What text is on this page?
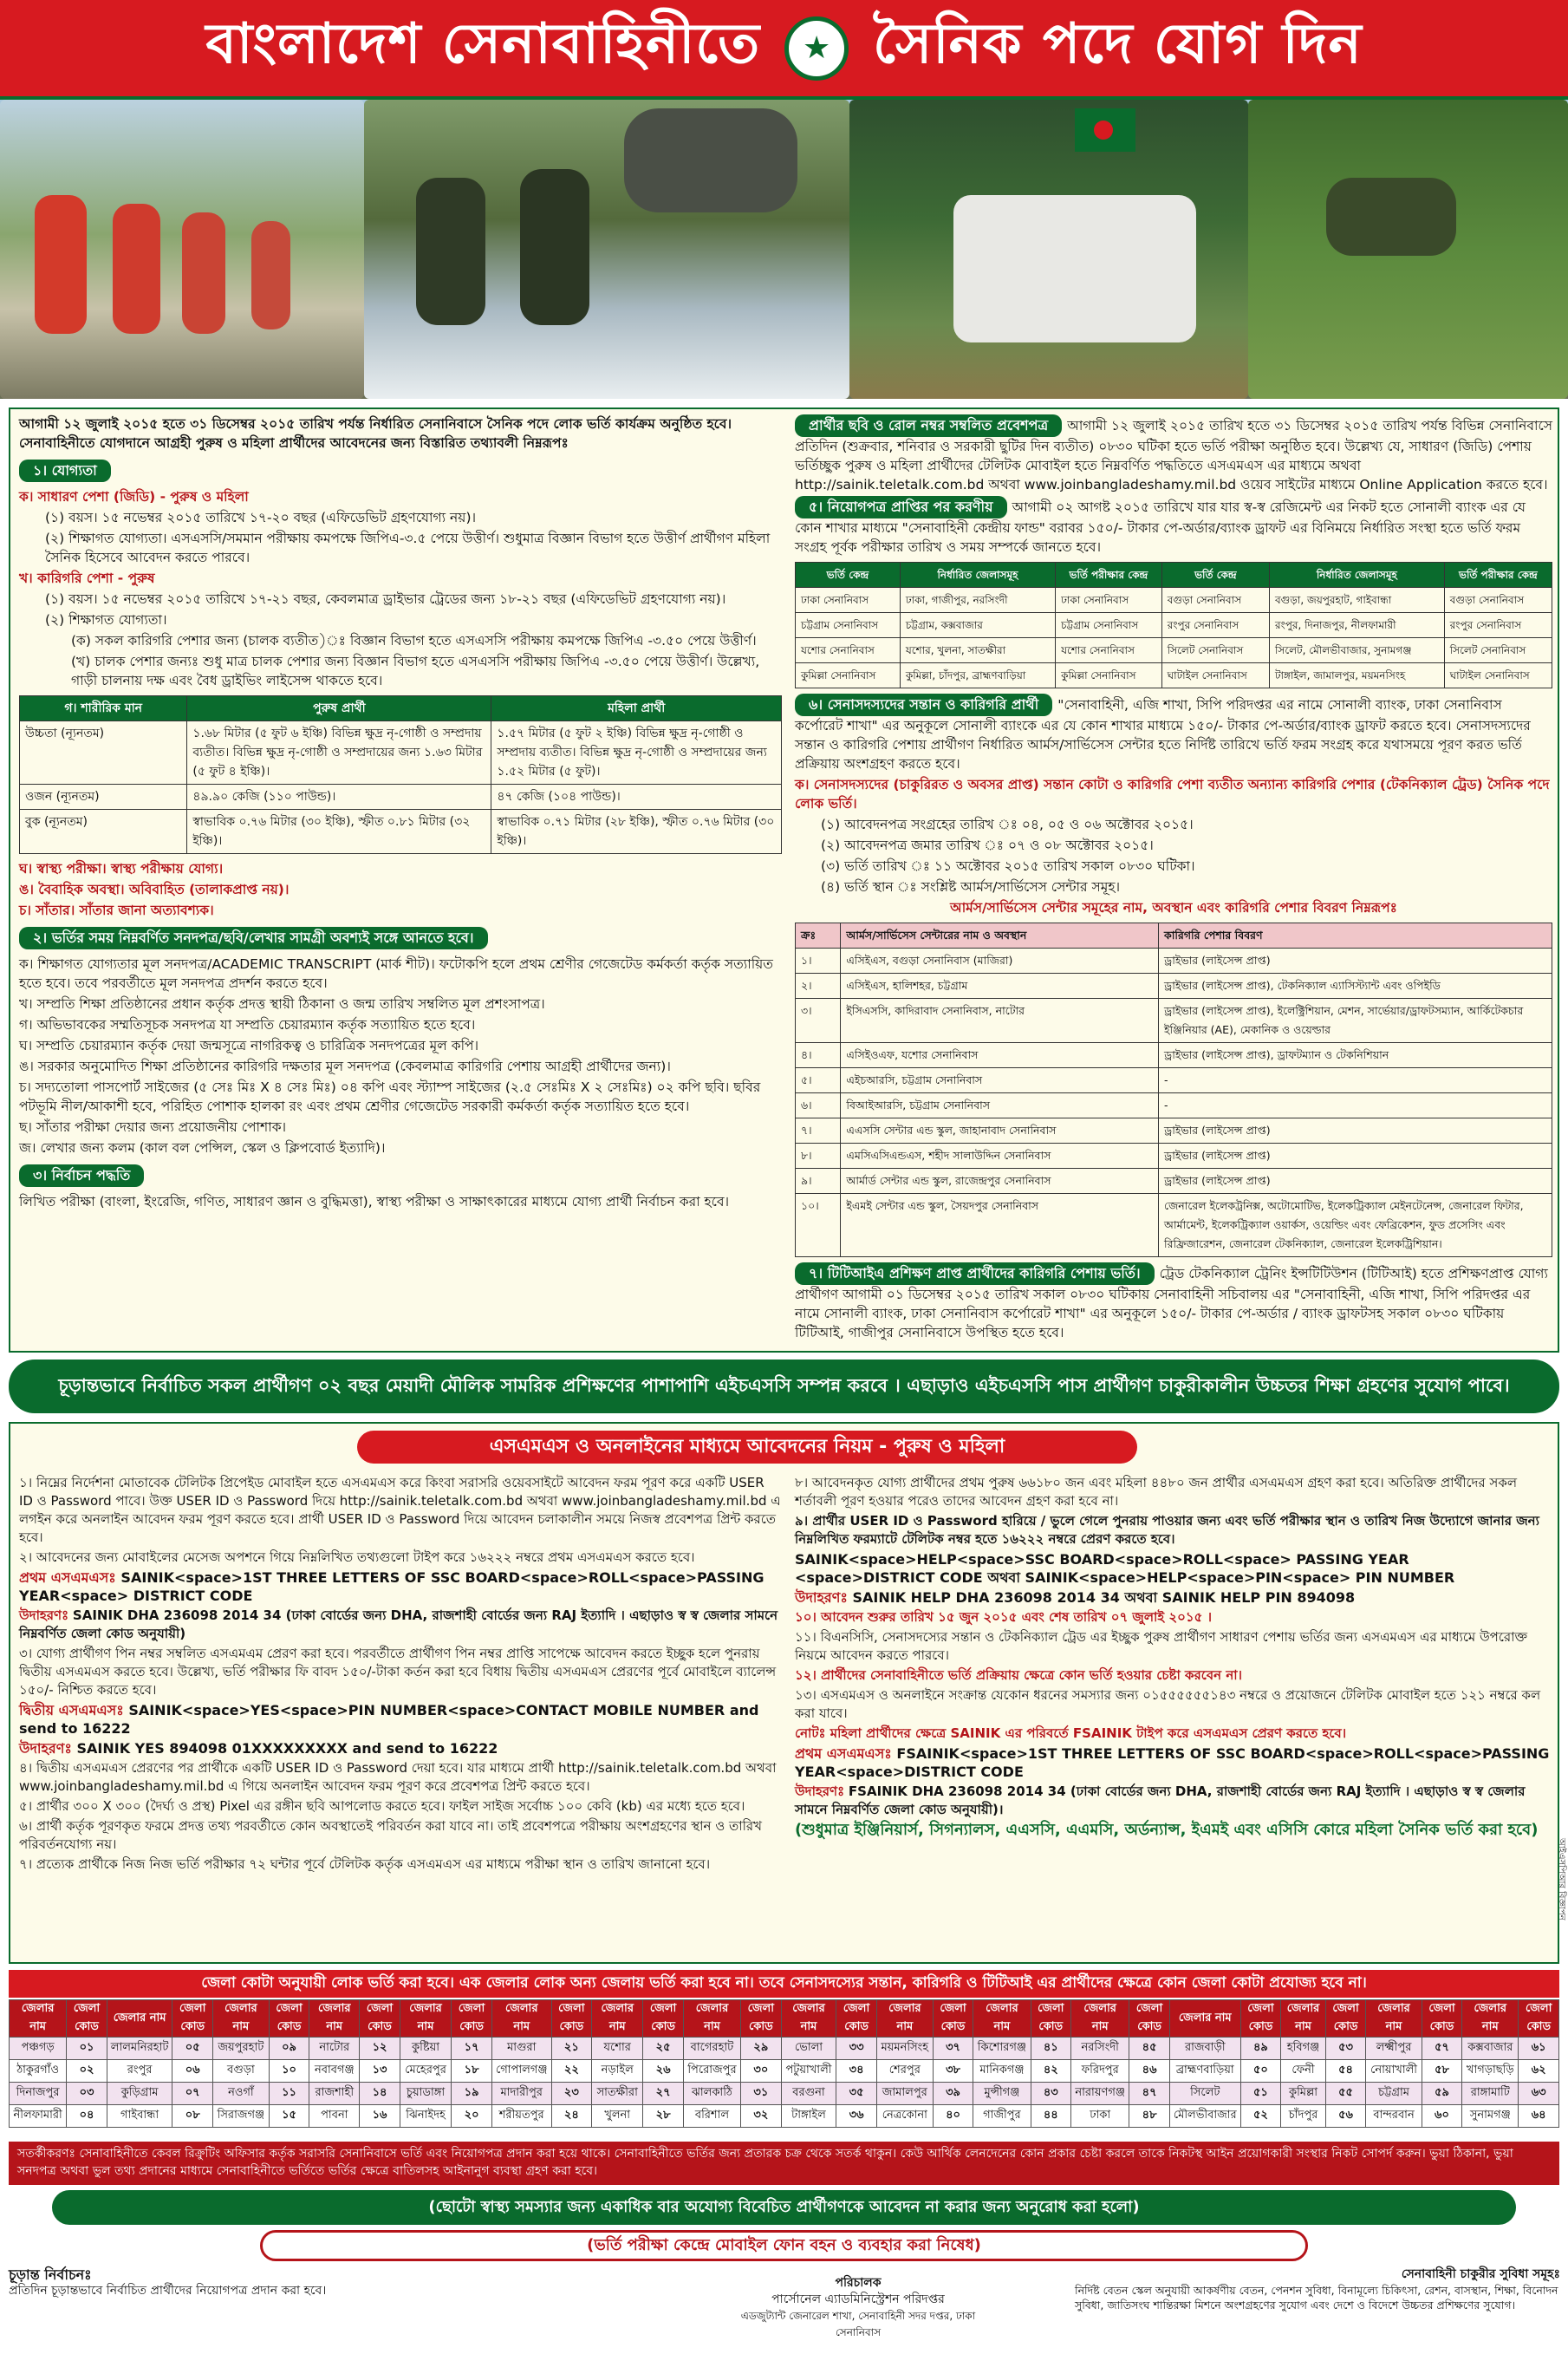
বাংলাদেশ সেনাবাহিনীতে	★ সৈনিক পদে যোগ দিন

আগামী ১২ জুলাই ২০১৫ হতে ৩১ ডিসেম্বর ২০১৫ তারিখ পর্যন্ত নির্ধারিত সেনানিবাসে সৈনিক পদে লোক ভর্তি কার্যক্রম অনুষ্ঠিত হবে। সেনাবাহিনীতে যোগদানে আগ্রহী পুরুষ ও মহিলা প্রার্থীদের আবেদনের জন্য বিস্তারিত তথ্যাবলী নিম্নরূপঃ

১। যোগ্যতা

ক। সাধারণ পেশা (জিডি) - পুরুষ ও মহিলা

(১) বয়স। ১৫ নভেম্বর ২০১৫ তারিখে ১৭-২০ বছর (এফিডেভিট গ্রহণযোগ্য নয়)।

(২) শিক্ষাগত যোগ্যতা। এসএসসি/সমমান পরীক্ষায় কমপক্ষে জিপিএ-৩.৫ পেয়ে উত্তীর্ণ। শুধুমাত্র বিজ্ঞান বিভাগ হতে উত্তীর্ণ প্রার্থীগণ মহিলা সৈনিক হিসেবে আবেদন করতে পারবে।

খ। কারিগরি পেশা - পুরুষ

(১) বয়স। ১৫ নভেম্বর ২০১৫ তারিখে ১৭-২১ বছর, কেবলমাত্র ড্রাইভার ট্রেডের জন্য ১৮-২১ বছর (এফিডেভিট গ্রহণযোগ্য নয়)।

(২) শিক্ষাগত যোগ্যতা।

(ক) সকল কারিগরি পেশার জন্য (চালক ব্যতীত)ঃ বিজ্ঞান বিভাগ হতে এসএসসি পরীক্ষায় কমপক্ষে জিপিএ -৩.৫০ পেয়ে উত্তীর্ণ।

(খ) চালক পেশার জন্যঃ শুধু মাত্র চালক পেশার জন্য বিজ্ঞান বিভাগ হতে এসএসসি পরীক্ষায় জিপিএ -৩.৫০ পেয়ে উত্তীর্ণ। উল্লেখ্য, গাড়ী চালনায় দক্ষ এবং বৈধ ড্রাইভিং লাইসেন্স থাকতে হবে।

গ। শারীরিক মান	পুরুষ প্রার্থী	মহিলা প্রার্থী
উচ্চতা (ন্যূনতম)	১.৬৮ মিটার (৫ ফুট ৬ ইঞ্চি) বিভিন্ন ক্ষুদ্র নৃ-গোষ্ঠী ও সম্প্রদায় ব্যতীত। বিভিন্ন ক্ষুদ্র নৃ-গোষ্ঠী ও সম্প্রদায়ের জন্য ১.৬৩ মিটার (৫ ফুট ৪ ইঞ্চি)।	১.৫৭ মিটার (৫ ফুট ২ ইঞ্চি) বিভিন্ন ক্ষুদ্র নৃ-গোষ্ঠী ও সম্প্রদায় ব্যতীত। বিভিন্ন ক্ষুদ্র নৃ-গোষ্ঠী ও সম্প্রদায়ের জন্য ১.৫২ মিটার (৫ ফুট)।
ওজন (ন্যূনতম)	৪৯.৯০ কেজি (১১০ পাউন্ড)।	৪৭ কেজি (১০৪ পাউন্ড)।
বুক (ন্যূনতম)	স্বাভাবিক ০.৭৬ মিটার (৩০ ইঞ্চি), স্ফীত ০.৮১ মিটার (৩২ ইঞ্চি)।	স্বাভাবিক ০.৭১ মিটার (২৮ ইঞ্চি), স্ফীত ০.৭৬ মিটার (৩০ ইঞ্চি)।

ঘ। স্বাস্থ্য পরীক্ষা। স্বাস্থ্য পরীক্ষায় যোগ্য।

ঙ। বৈবাহিক অবস্থা। অবিবাহিত (তালাকপ্রাপ্ত নয়)।

চ। সাঁতার। সাঁতার জানা অত্যাবশ্যক।

২। ভর্তির সময় নিম্নবর্ণিত সনদপত্র/ছবি/লেখার সামগ্রী অবশ্যই সঙ্গে আনতে হবে।

ক। শিক্ষাগত যোগ্যতার মূল সনদপত্র/ACADEMIC TRANSCRIPT (মার্ক শীট)। ফটোকপি হলে প্রথম শ্রেণীর গেজেটেড কর্মকর্তা কর্তৃক সত্যায়িত হতে হবে। তবে পরবর্তীতে মূল সনদপত্র প্রদর্শন করতে হবে।

খ। সম্প্রতি শিক্ষা প্রতিষ্ঠানের প্রধান কর্তৃক প্রদত্ত স্থায়ী ঠিকানা ও জন্ম তারিখ সম্বলিত মূল প্রশংসাপত্র।

গ। অভিভাবকের সম্মতিসূচক সনদপত্র যা সম্প্রতি চেয়ারম্যান কর্তৃক সত্যায়িত হতে হবে।

ঘ। সম্প্রতি চেয়ারম্যান কর্তৃক দেয়া জন্মসূত্রে নাগরিকত্ব ও চারিত্রিক সনদপত্রের মূল কপি।

ঙ। সরকার অনুমোদিত শিক্ষা প্রতিষ্ঠানের কারিগরি দক্ষতার মূল সনদপত্র (কেবলমাত্র কারিগরি পেশায় আগ্রহী প্রার্থীদের জন্য)।

চ। সদ্যতোলা পাসপোর্ট সাইজের (৫ সেঃ মিঃ X ৪ সেঃ মিঃ) ০৪ কপি এবং স্ট্যাম্প সাইজের (২.৫ সেঃমিঃ X ২ সেঃমিঃ) ০২ কপি ছবি। ছবির পটভূমি নীল/আকাশী হবে, পরিহিত পোশাক হালকা রং এবং প্রথম শ্রেণীর গেজেটেড সরকারী কর্মকর্তা কর্তৃক সত্যায়িত হতে হবে।

ছ। সাঁতার পরীক্ষা দেয়ার জন্য প্রয়োজনীয় পোশাক।

জ। লেখার জন্য কলম (কাল বল পেন্সিল, স্কেল ও ক্লিপবোর্ড ইত্যাদি)।

৩। নির্বাচন পদ্ধতি

লিখিত পরীক্ষা (বাংলা, ইংরেজি, গণিত, সাধারণ জ্ঞান ও বুদ্ধিমত্তা), স্বাস্থ্য পরীক্ষা ও সাক্ষাৎকারের মাধ্যমে যোগ্য প্রার্থী নির্বাচন করা হবে।

প্রার্থীর ছবি ও রোল নম্বর সম্বলিত প্রবেশপত্র আগামী ১২ জুলাই ২০১৫ তারিখ হতে ৩১ ডিসেম্বর ২০১৫ তারিখ পর্যন্ত বিভিন্ন সেনানিবাসে প্রতিদিন (শুক্রবার, শনিবার ও সরকারী ছুটির দিন ব্যতীত) ০৮৩০ ঘটিকা হতে ভর্তি পরীক্ষা অনুষ্ঠিত হবে। উল্লেখ্য যে, সাধারণ (জিডি) পেশায় ভর্তিচ্ছুক পুরুষ ও মহিলা প্রার্থীদের টেলিটক মোবাইল হতে নিম্নবর্ণিত পদ্ধতিতে এসএমএস এর মাধ্যমে অথবা http://sainik.teletalk.com.bd অথবা www.joinbangladeshamy.mil.bd ওয়েব সাইটের মাধ্যমে Online Application করতে হবে।

৫। নিয়োগপত্র প্রাপ্তির পর করণীয় আগামী ০২ আগষ্ট ২০১৫ তারিখে যার যার স্ব-স্ব রেজিমেন্ট এর নিকট হতে সোনালী ব্যাংক এর যে কোন শাখার মাধ্যমে "সেনাবাহিনী কেন্দ্রীয় ফান্ড" বরাবর ১৫০/- টাকার পে-অর্ডার/ব্যাংক ড্রাফট এর বিনিময়ে নির্ধারিত সংস্থা হতে ভর্তি ফরম সংগ্রহ পূর্বক পরীক্ষার তারিখ ও সময় সম্পর্কে জানতে হবে।

ভর্তি কেন্দ্র	নির্ধারিত জেলাসমূহ	ভর্তি পরীক্ষার কেন্দ্র	ভর্তি কেন্দ্র	নির্ধারিত জেলাসমূহ	ভর্তি পরীক্ষার কেন্দ্র
ঢাকা সেনানিবাস	ঢাকা, গাজীপুর, নরসিংদী	ঢাকা সেনানিবাস	বগুড়া সেনানিবাস	বগুড়া, জয়পুরহাট, গাইবান্ধা	বগুড়া সেনানিবাস
চট্টগ্রাম সেনানিবাস	চট্টগ্রাম, কক্সবাজার	চট্টগ্রাম সেনানিবাস	রংপুর সেনানিবাস	রংপুর, দিনাজপুর, নীলফামারী	রংপুর সেনানিবাস
যশোর সেনানিবাস	যশোর, খুলনা, সাতক্ষীরা	যশোর সেনানিবাস	সিলেট সেনানিবাস	সিলেট, মৌলভীবাজার, সুনামগঞ্জ	সিলেট সেনানিবাস
কুমিল্লা সেনানিবাস	কুমিল্লা, চাঁদপুর, ব্রাহ্মণবাড়িয়া	কুমিল্লা সেনানিবাস	ঘাটাইল সেনানিবাস	টাঙ্গাইল, জামালপুর, ময়মনসিংহ	ঘাটাইল সেনানিবাস

৬। সেনাসদস্যদের সন্তান ও কারিগরি প্রার্থী "সেনাবাহিনী, এজি শাখা, সিপি পরিদপ্তর এর নামে সোনালী ব্যাংক, ঢাকা সেনানিবাস কর্পোরেট শাখা" এর অনুকূলে সোনালী ব্যাংকে এর যে কোন শাখার মাধ্যমে ১৫০/- টাকার পে-অর্ডার/ব্যাংক ড্রাফট করতে হবে। সেনাসদস্যদের সন্তান ও কারিগরি পেশায় প্রার্থীগণ নির্ধারিত আর্মস/সার্ভিসেস সেন্টার হতে নির্দিষ্ট তারিখে ভর্তি ফরম সংগ্রহ করে যথাসময়ে পূরণ করত ভর্তি প্রক্রিয়ায় অংশগ্রহণ করতে হবে।

ক। সেনাসদস্যদের (চাকুরিরত ও অবসর প্রাপ্ত) সন্তান কোটা ও কারিগরি পেশা ব্যতীত অন্যান্য কারিগরি পেশার (টেকনিক্যাল ট্রেড) সৈনিক পদে লোক ভর্তি।

(১) আবেদনপত্র সংগ্রহের তারিখ ঃ ০৪, ০৫ ও ০৬ অক্টোবর ২০১৫।

(২) আবেদনপত্র জমার তারিখ ঃ ০৭ ও ০৮ অক্টোবর ২০১৫।

(৩) ভর্তি তারিখ ঃ ১১ অক্টোবর ২০১৫ তারিখ সকাল ০৮৩০ ঘটিকা।

(৪) ভর্তি স্থান ঃ সংশ্লিষ্ট আর্মস/সার্ভিসেস সেন্টার সমূহ।

আর্মস/সার্ভিসেস সেন্টার সমূহের নাম, অবস্থান এবং কারিগরি পেশার বিবরণ নিম্নরূপঃ

ক্রঃ	আর্মস/সার্ভিসেস সেন্টারের নাম ও অবস্থান	কারিগরি পেশার বিবরণ
১।	এসিইএস, বগুড়া সেনানিবাস (মাজিরা)	ড্রাইভার (লাইসেন্স প্রাপ্ত)
২।	এসিইএস, হালিশহর, চট্টগ্রাম	ড্রাইভার (লাইসেন্স প্রাপ্ত), টেকনিক্যাল এ্যাসিস্ট্যান্ট এবং ওপিইডি
৩।	ইসিএসসি, কাদিরাবাদ সেনানিবাস, নাটোর	ড্রাইভার (লাইসেন্স প্রাপ্ত), ইলেক্ট্রিশিয়ান, মেশন, সার্ভেয়ার/ড্রাফটসম্যান, আর্কিটেকচার ইঞ্জিনিয়ার (AE), মেকানিক ও ওয়েল্ডার
৪।	এসিইওএফ, যশোর সেনানিবাস	ড্রাইভার (লাইসেন্স প্রাপ্ত), ড্রাফটম্যান ও টেকনিশিয়ান
৫।	এইচআরসি, চট্টগ্রাম সেনানিবাস	-
৬।	বিআইআরসি, চট্টগ্রাম সেনানিবাস	-
৭।	এএসসি সেন্টার এন্ড স্কুল, জাহানাবাদ সেনানিবাস	ড্রাইভার (লাইসেন্স প্রাপ্ত)
৮।	এমসিএসিএন্ডএস, শহীদ সালাউদ্দিন সেনানিবাস	ড্রাইভার (লাইসেন্স প্রাপ্ত)
৯।	আর্মার্ড সেন্টার এন্ড স্কুল, রাজেন্দ্রপুর সেনানিবাস	ড্রাইভার (লাইসেন্স প্রাপ্ত)
১০।	ইএমই সেন্টার এন্ড স্কুল, সৈয়দপুর সেনানিবাস	জেনারেল ইলেকট্রনিক্স, অটোমোটিভ, ইলেকট্রিক্যাল মেইনটেনেন্স, জেনারেল ফিটার, আর্মামেন্ট, ইলেকট্রিক্যাল ওয়ার্কস, ওয়েল্ডিং এবং ফেব্রিকেশন, ফুড প্রসেসিং এবং রিফ্রিজারেশন, জেনারেল টেকনিক্যাল, জেনারেল ইলেকট্রিশিয়ান।

৭। টিটিআইএ প্রশিক্ষণ প্রাপ্ত প্রার্থীদের কারিগরি পেশায় ভর্তি। ট্রেড টেকনিক্যাল ট্রেনিং ইন্সটিটিউশন (টিটিআই) হতে প্রশিক্ষণপ্রাপ্ত যোগ্য প্রার্থীগণ আগামী ০১ ডিসেম্বর ২০১৫ তারিখ সকাল ০৮৩০ ঘটিকায় সেনাবাহিনী সচিবালয় এর "সেনাবাহিনী, এজি শাখা, সিপি পরিদপ্তর এর নামে সোনালী ব্যাংক, ঢাকা সেনানিবাস কর্পোরেট শাখা" এর অনুকূলে ১৫০/- টাকার পে-অর্ডার / ব্যাংক ড্রাফটসহ সকাল ০৮৩০ ঘটিকায় টিটিআই, গাজীপুর সেনানিবাসে উপস্থিত হতে হবে।

চূড়ান্তভাবে নির্বাচিত সকল প্রার্থীগণ ০২ বছর মেয়াদী মৌলিক সামরিক প্রশিক্ষণের পাশাপাশি এইচএসসি সম্পন্ন করবে । এছাড়াও এইচএসসি পাস প্রার্থীগণ চাকুরীকালীন উচ্চতর শিক্ষা গ্রহণের সুযোগ পাবে।
এসএমএস ও অনলাইনের মাধ্যমে আবেদনের নিয়ম - পুরুষ ও মহিলা

১। নিম্নের নির্দেশনা মোতাবেক টেলিটক প্রিপেইড মোবাইল হতে এসএমএস করে কিংবা সরাসরি ওয়েবসাইটে আবেদন ফরম পূরণ করে একটি USER ID ও Password পাবে। উক্ত USER ID ও Password দিয়ে http://sainik.teletalk.com.bd অথবা www.joinbangladeshamy.mil.bd এ লগইন করে অনলাইন আবেদন ফরম পূরণ করতে হবে। প্রার্থী USER ID ও Password দিয়ে আবেদন চলাকালীন সময়ে নিজস্ব প্রবেশপত্র প্রিন্ট করতে হবে।

২। আবেদনের জন্য মোবাইলের মেসেজ অপশনে গিয়ে নিম্নলিখিত তথ্যগুলো টাইপ করে ১৬২২২ নম্বরে প্রথম এসএমএস করতে হবে।

প্রথম এসএমএসঃ SAINIK<space>1ST THREE LETTERS OF SSC BOARD<space>ROLL<space>PASSING YEAR<space> DISTRICT CODE

উদাহরণঃ SAINIK DHA 236098 2014 34 (ঢাকা বোর্ডের জন্য DHA, রাজশাহী বোর্ডের জন্য RAJ ইত্যাদি । এছাড়াও স্ব স্ব জেলার সামনে নিম্নবর্ণিত জেলা কোড অনুযায়ী)

৩। যোগ্য প্রার্থীগণ পিন নম্বর সম্বলিত এসএমএম প্রেরণ করা হবে। পরবর্তীতে প্রার্থীগণ পিন নম্বর প্রাপ্তি সাপেক্ষে আবেদন করতে ইচ্ছুক হলে পুনরায় দ্বিতীয় এসএমএস করতে হবে। উল্লেখ্য, ভর্তি পরীক্ষার ফি বাবদ ১৫০/-টাকা কর্তন করা হবে বিধায় দ্বিতীয় এসএমএস প্রেরণের পূর্বে মোবাইলে ব্যালেন্স ১৫০/- নিশ্চিত করতে হবে।

দ্বিতীয় এসএমএসঃ SAINIK<space>YES<space>PIN NUMBER<space>CONTACT MOBILE NUMBER and send to 16222

উদাহরণঃ SAINIK YES 894098 01XXXXXXXXX and send to 16222

৪। দ্বিতীয় এসএমএস প্রেরণের পর প্রার্থীকে একটি USER ID ও Password দেয়া হবে। যার মাধ্যমে প্রার্থী http://sainik.teletalk.com.bd অথবা www.joinbangladeshamy.mil.bd এ গিয়ে অনলাইন আবেদন ফরম পূরণ করে প্রবেশপত্র প্রিন্ট করতে হবে।

৫। প্রার্থীর ৩০০ X ৩০০ (দৈর্ঘ্য ও প্রস্থ) Pixel এর রঙ্গীন ছবি আপলোড করতে হবে। ফাইল সাইজ সর্বোচ্চ ১০০ কেবি (kb) এর মধ্যে হতে হবে।

৬। প্রার্থী কর্তৃক পূরণকৃত ফরমে প্রদত্ত তথ্য পরবর্তীতে কোন অবস্থাতেই পরিবর্তন করা যাবে না। তাই প্রবেশপত্রে পরীক্ষায় অংশগ্রহণের স্থান ও তারিখ পরিবর্তনযোগ্য নয়।

৭। প্রত্যেক প্রার্থীকে নিজ নিজ ভর্তি পরীক্ষার ৭২ ঘন্টার পূর্বে টেলিটক কর্তৃক এসএমএস এর মাধ্যমে পরীক্ষা স্থান ও তারিখ জানানো হবে।

৮। আবেদনকৃত যোগ্য প্রার্থীদের প্রথম পুরুষ ৬৬১৮০ জন এবং মহিলা ৪৪৮০ জন প্রার্থীর এসএমএস গ্রহণ করা হবে। অতিরিক্ত প্রার্থীদের সকল শর্তাবলী পূরণ হওয়ার পরেও তাদের আবেদন গ্রহণ করা হবে না।

৯। প্রার্থীর USER ID ও Password হারিয়ে / ভুলে গেলে পুনরায় পাওয়ার জন্য এবং ভর্তি পরীক্ষার স্থান ও তারিখ নিজ উদ্যোগে জানার জন্য নিম্নলিখিত ফরম্যাটে টেলিটক নম্বর হতে ১৬২২২ নম্বরে প্রেরণ করতে হবে।

SAINIK<space>HELP<space>SSC BOARD<space>ROLL<space> PASSING YEAR <space>DISTRICT CODE অথবা SAINIK<space>HELP<space>PIN<space> PIN NUMBER

উদাহরণঃ SAINIK HELP DHA 236098 2014 34 অথবা SAINIK HELP PIN 894098

১০। আবেদন শুরুর তারিখ ১৫ জুন ২০১৫ এবং শেষ তারিখ ০৭ জুলাই ২০১৫ ।

১১। বিএনসিসি, সেনাসদস্যের সন্তান ও টেকনিক্যাল ট্রেড এর ইচ্ছুক পুরুষ প্রার্থীগণ সাধারণ পেশায় ভর্তির জন্য এসএমএস এর মাধ্যমে উপরোক্ত নিয়মে আবেদন করতে পারবে।

১২। প্রার্থীদের সেনাবাহিনীতে ভর্তি প্রক্রিয়ায় ক্ষেত্রে কোন ভর্তি হওয়ার চেষ্টা করবেন না।

১৩। এসএমএস ও অনলাইনে সংক্রান্ত যেকোন ধরনের সমস্যার জন্য ০১৫৫৫৫৫৫১৪৩ নম্বরে ও প্রয়োজনে টেলিটক মোবাইল হতে ১২১ নম্বরে কল করা যাবে।

নোটঃ মহিলা প্রার্থীদের ক্ষেত্রে SAINIK এর পরিবর্তে FSAINIK টাইপ করে এসএমএস প্রেরণ করতে হবে।

প্রথম এসএমএসঃ FSAINIK<space>1ST THREE LETTERS OF SSC BOARD<space>ROLL<space>PASSING YEAR<space>DISTRICT CODE

উদাহরণঃ FSAINIK DHA 236098 2014 34 (ঢাকা বোর্ডের জন্য DHA, রাজশাহী বোর্ডের জন্য RAJ ইত্যাদি । এছাড়াও স্ব স্ব জেলার সামনে নিম্নবর্ণিত জেলা কোড অনুযায়ী)।

(শুধুমাত্র ইঞ্জিনিয়ার্স, সিগন্যালস, এএসসি, এএমসি, অর্ডন্যান্স, ইএমই এবং এসিসি কোরে মহিলা সৈনিক ভর্তি করা হবে)

জেলা কোটা অনুযায়ী লোক ভর্তি করা হবে। এক জেলার লোক অন্য জেলায় ভর্তি করা হবে না। তবে সেনাসদস্যের সন্তান, কারিগরি ও টিটিআই এর প্রার্থীদের ক্ষেত্রে কোন জেলা কোটা প্রযোজ্য হবে না।
জেলার নাম	জেলা কোড	জেলার নাম	জেলা কোড	জেলার নাম	জেলা কোড	জেলার নাম	জেলা কোড	জেলার নাম	জেলা কোড	জেলার নাম	জেলা কোড	জেলার নাম	জেলা কোড	জেলার নাম	জেলা কোড	জেলার নাম	জেলা কোড	জেলার নাম	জেলা কোড	জেলার নাম	জেলা কোড	জেলার নাম	জেলা কোড	জেলার নাম	জেলা কোড	জেলার নাম	জেলা কোড	জেলার নাম	জেলা কোড	জেলার নাম	জেলা কোড
পঞ্চগড়	০১	লালমনিরহাট	০৫	জয়পুরহাট	০৯	নাটোর	১২	কুষ্টিয়া	১৭	মাগুরা	২১	যশোর	২৫	বাগেরহাট	২৯	ভোলা	৩৩	ময়মনসিংহ	৩৭	কিশোরগঞ্জ	৪১	নরসিংদী	৪৫	রাজবাড়ী	৪৯	হবিগঞ্জ	৫৩	লক্ষ্মীপুর	৫৭	কক্সবাজার	৬১
ঠাকুরগাঁও	০২	রংপুর	০৬	বগুড়া	১০	নবাবগঞ্জ	১৩	মেহেরপুর	১৮	গোপালগঞ্জ	২২	নড়াইল	২৬	পিরোজপুর	৩০	পটুয়াখালী	৩৪	শেরপুর	৩৮	মানিকগঞ্জ	৪২	ফরিদপুর	৪৬	ব্রাহ্মণবাড়িয়া	৫০	ফেনী	৫৪	নোয়াখালী	৫৮	খাগড়াছড়ি	৬২
দিনাজপুর	০৩	কুড়িগ্রাম	০৭	নওগাঁ	১১	রাজশাহী	১৪	চুয়াডাঙ্গা	১৯	মাদারীপুর	২৩	সাতক্ষীরা	২৭	ঝালকাঠি	৩১	বরগুনা	৩৫	জামালপুর	৩৯	মুন্সীগঞ্জ	৪৩	নারায়ণগঞ্জ	৪৭	সিলেট	৫১	কুমিল্লা	৫৫	চট্টগ্রাম	৫৯	রাঙ্গামাটি	৬৩
নীলফামারী	০৪	গাইবান্ধা	০৮	সিরাজগঞ্জ	১৫	পাবনা	১৬	ঝিনাইদহ	২০	শরীয়তপুর	২৪	খুলনা	২৮	বরিশাল	৩২	টাঙ্গাইল	৩৬	নেত্রকোনা	৪০	গাজীপুর	৪৪	ঢাকা	৪৮	মৌলভীবাজার	৫২	চাঁদপুর	৫৬	বান্দরবান	৬০	সুনামগঞ্জ	৬৪
সতর্কীকরণঃ সেনাবাহিনীতে কেবল রিক্রুটিং অফিসার কর্তৃক সরাসরি সেনানিবাসে ভর্তি এবং নিয়োগপত্র প্রদান করা হয়ে থাকে। সেনাবাহিনীতে ভর্তির জন্য প্রতারক চক্র থেকে সতর্ক থাকুন। কেউ আর্থিক লেনদেনের কোন প্রকার চেষ্টা করলে তাকে নিকটস্থ আইন প্রয়োগকারী সংস্থার নিকট সোপর্দ করুন। ভুয়া ঠিকানা, ভুয়া সনদপত্র অথবা ভুল তথ্য প্রদানের মাধ্যমে সেনাবাহিনীতে ভর্তিতে ভর্তির ক্ষেত্রে বাতিলসহ আইনানুগ ব্যবস্থা গ্রহণ করা হবে।
(ছোটো স্বাস্থ্য সমস্যার জন্য একাধিক বার অযোগ্য বিবেচিত প্রার্থীগণকে আবেদন না করার জন্য অনুরোধ করা হলো)
(ভর্তি পরীক্ষা কেন্দ্রে মোবাইল ফোন বহন ও ব্যবহার করা নিষেধ)

চূড়ান্ত নির্বাচনঃ

প্রতিদিন চূড়ান্তভাবে নির্বাচিত প্রার্থীদের নিয়োগপত্র প্রদান করা হবে।

পরিচালক

পার্সোনেল এ্যাডমিনিস্ট্রেশন পরিদপ্তর

এডজুট্যান্ট জেনারেল শাখা, সেনাবাহিনী সদর দপ্তর, ঢাকা সেনানিবাস

সেনাবাহিনী চাকুরীর সুবিধা সমূহঃ

নির্দিষ্ট বেতন স্কেল অনুযায়ী আকর্ষণীয় বেতন, পেনশন সুবিধা, বিনামূল্যে চিকিৎসা, রেশন, বাসস্থান, শিক্ষা, বিনোদন সুবিধা, জাতিসংঘ শান্তিরক্ষা মিশনে অংশগ্রহণের সুযোগ এবং দেশে ও বিদেশে উচ্চতর প্রশিক্ষণের সুযোগ।

আইএসপিআর বিজ্ঞাপন
